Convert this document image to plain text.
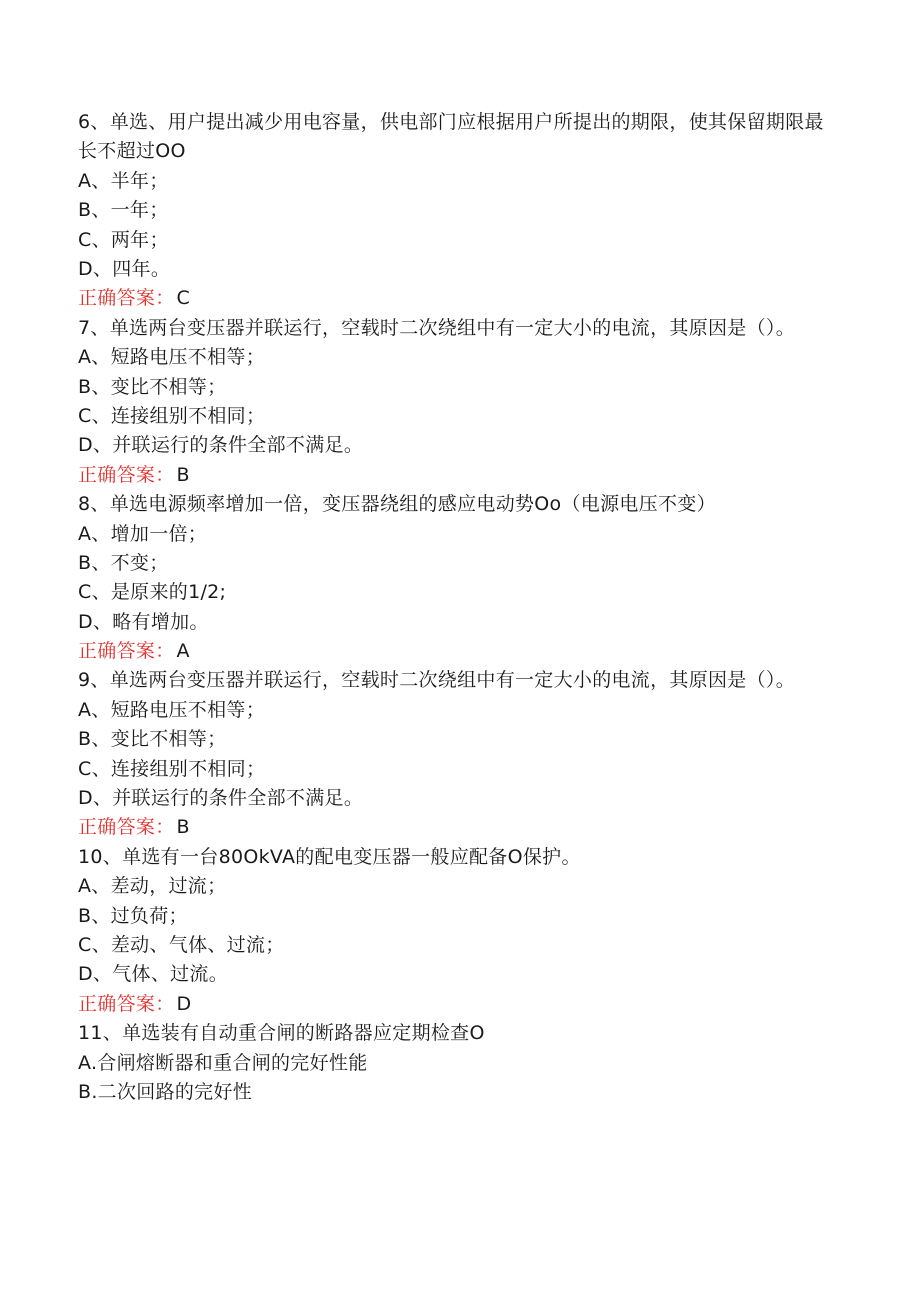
6、单选、用户提出减少用电容量，供电部门应根据用户所提出的期限，使其保留期限最长不超过OO
A、半年；
B、一年；
C、两年；
D、四年。
正确答案： C
7、单选两台变压器并联运行，空载时二次绕组中有一定大小的电流，其原因是（）。
A、短路电压不相等；
B、变比不相等；
C、连接组别不相同；
D、并联运行的条件全部不满足。
正确答案： B
8、单选电源频率增加一倍，变压器绕组的感应电动势Oo（电源电压不变）
A、增加一倍；
B、不变；
C、是原来的1/2;
D、略有增加。
正确答案： A
9、单选两台变压器并联运行，空载时二次绕组中有一定大小的电流，其原因是（）。
A、短路电压不相等；
B、变比不相等；
C、连接组别不相同；
D、并联运行的条件全部不满足。
正确答案： B
10、单选有一台80OkVA的配电变压器一般应配备O保护。
A、差动，过流；
B、过负荷；
C、差动、气体、过流；
D、气体、过流。
正确答案： D
11、单选装有自动重合闸的断路器应定期检查O
A.合闸熔断器和重合闸的完好性能
B.二次回路的完好性
